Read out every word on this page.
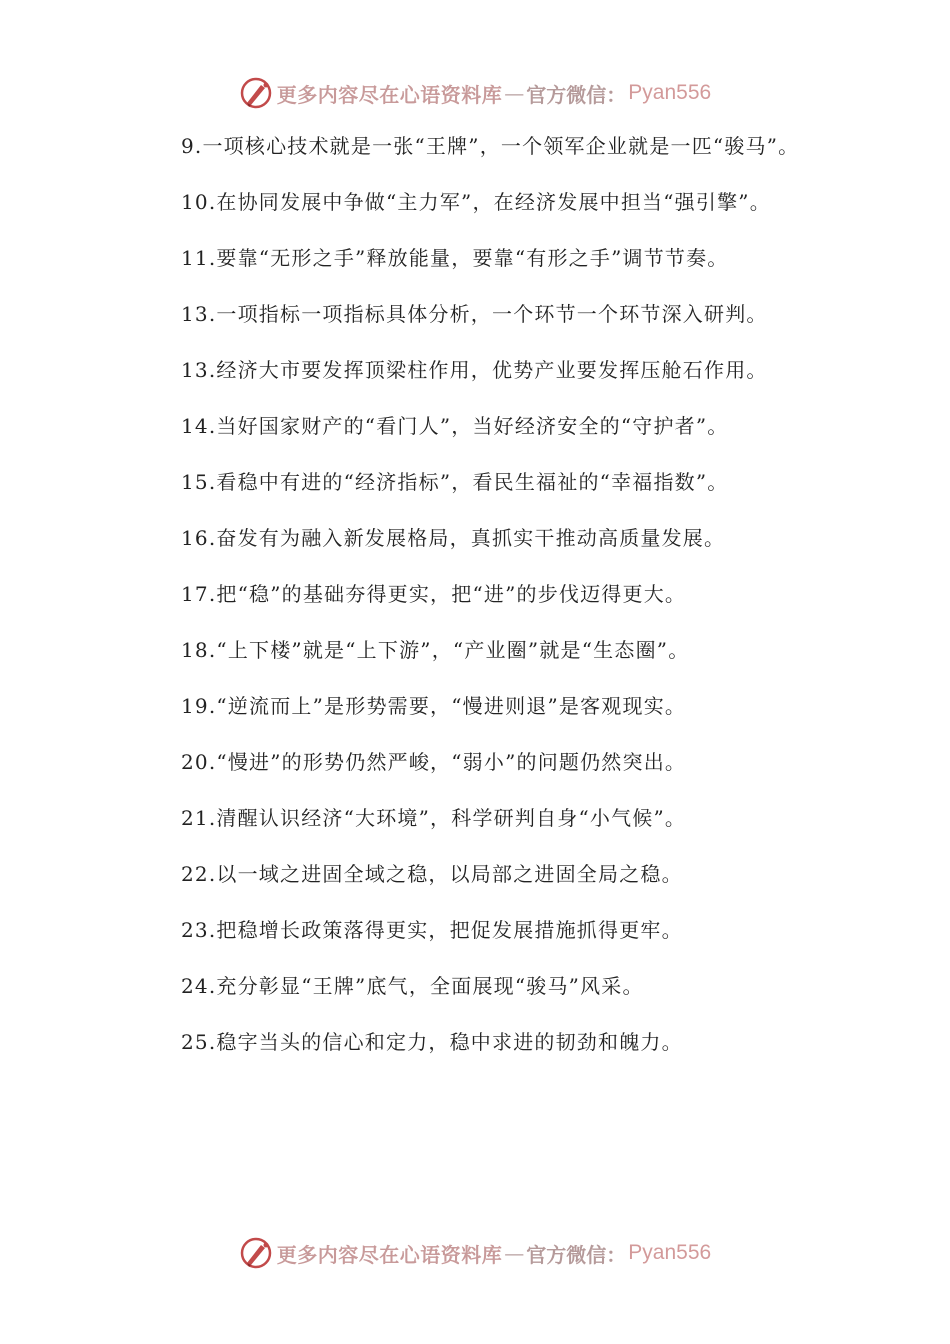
更多内容尽在心语资料库 — 官方微信： Pyan556

9.一项核心技术就是一张“王牌”，一个领军企业就是一匹“骏马”。

10.在协同发展中争做“主力军”，在经济发展中担当“强引擎”。

11.要靠“无形之手”释放能量，要靠“有形之手”调节节奏。

13.一项指标一项指标具体分析，一个环节一个环节深入研判。

13.经济大市要发挥顶梁柱作用，优势产业要发挥压舱石作用。

14.当好国家财产的“看门人”，当好经济安全的“守护者”。

15.看稳中有进的“经济指标”，看民生福祉的“幸福指数”。

16.奋发有为融入新发展格局，真抓实干推动高质量发展。

17.把“稳”的基础夯得更实，把“进”的步伐迈得更大。

18.“上下楼”就是“上下游”，“产业圈”就是“生态圈”。

19.“逆流而上”是形势需要，“慢进则退”是客观现实。

20.“慢进”的形势仍然严峻，“弱小”的问题仍然突出。

21.清醒认识经济“大环境”，科学研判自身“小气候”。

22.以一域之进固全域之稳，以局部之进固全局之稳。

23.把稳增长政策落得更实，把促发展措施抓得更牢。

24.充分彰显“王牌”底气，全面展现“骏马”风采。

25.稳字当头的信心和定力，稳中求进的韧劲和魄力。

更多内容尽在心语资料库 — 官方微信： Pyan556
